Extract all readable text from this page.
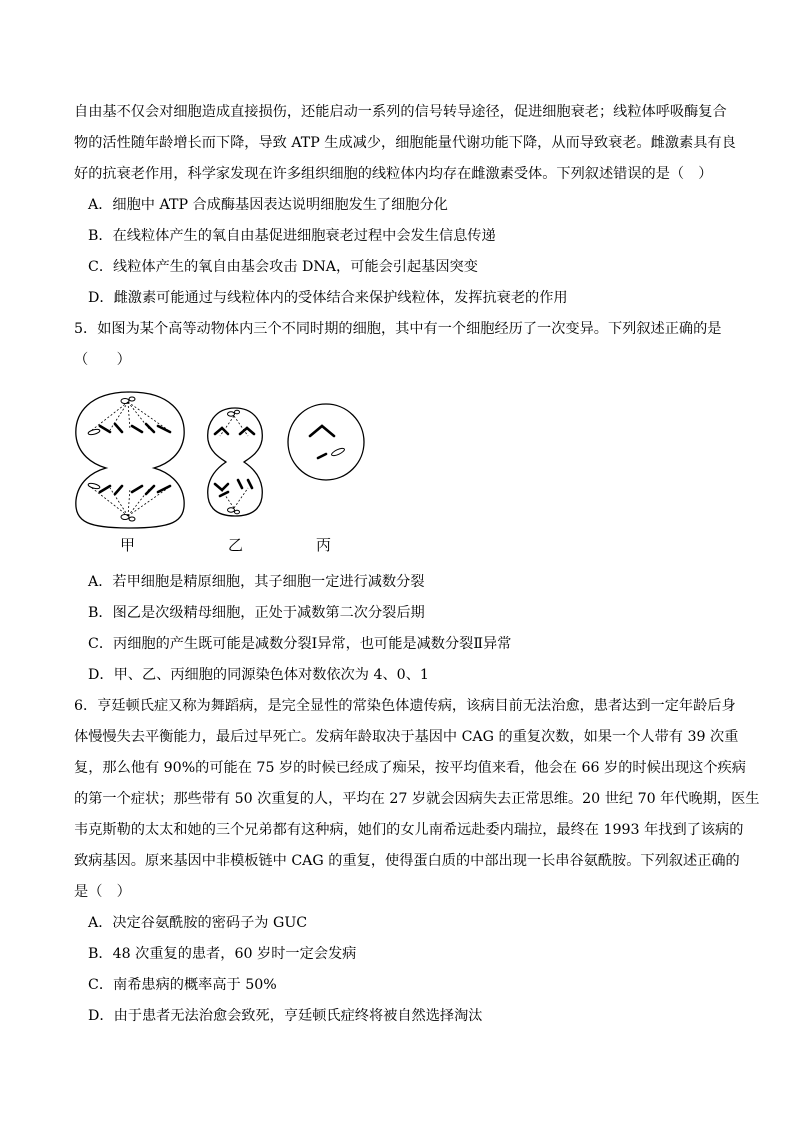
自由基不仅会对细胞造成直接损伤，还能启动一系列的信号转导途径，促进细胞衰老；线粒体呼吸酶复合
物的活性随年龄增长而下降，导致 ATP 生成减少，细胞能量代谢功能下降，从而导致衰老。雌激素具有良
好的抗衰老作用，科学家发现在许多组织细胞的线粒体内均存在雌激素受体。下列叙述错误的是（　）
A．细胞中 ATP 合成酶基因表达说明细胞发生了细胞分化
B．在线粒体产生的氧自由基促进细胞衰老过程中会发生信息传递
C．线粒体产生的氧自由基会攻击 DNA，可能会引起基因突变
D．雌激素可能通过与线粒体内的受体结合来保护线粒体，发挥抗衰老的作用
5．如图为某个高等动物体内三个不同时期的细胞，其中有一个细胞经历了一次变异。下列叙述正确的是
（　　）
甲	乙	丙
A．若甲细胞是精原细胞，其子细胞一定进行减数分裂
B．图乙是次级精母细胞，正处于减数第二次分裂后期
C．丙细胞的产生既可能是减数分裂Ⅰ异常，也可能是减数分裂Ⅱ异常
D．甲、乙、丙细胞的同源染色体对数依次为 4、0、1
6．亨廷顿氏症又称为舞蹈病，是完全显性的常染色体遗传病，该病目前无法治愈，患者达到一定年龄后身
体慢慢失去平衡能力，最后过早死亡。发病年龄取决于基因中 CAG 的重复次数，如果一个人带有 39 次重
复，那么他有 90%的可能在 75 岁的时候已经成了痴呆，按平均值来看，他会在 66 岁的时候出现这个疾病
的第一个症状；那些带有 50 次重复的人，平均在 27 岁就会因病失去正常思维。20 世纪 70 年代晚期，医生
韦克斯勒的太太和她的三个兄弟都有这种病，她们的女儿南希远赴委内瑞拉，最终在 1993 年找到了该病的
致病基因。原来基因中非模板链中 CAG 的重复，使得蛋白质的中部出现一长串谷氨酰胺。下列叙述正确的
是（　）
A．决定谷氨酰胺的密码子为 GUC
B．48 次重复的患者，60 岁时一定会发病
C．南希患病的概率高于 50%
D．由于患者无法治愈会致死，亨廷顿氏症终将被自然选择淘汰
